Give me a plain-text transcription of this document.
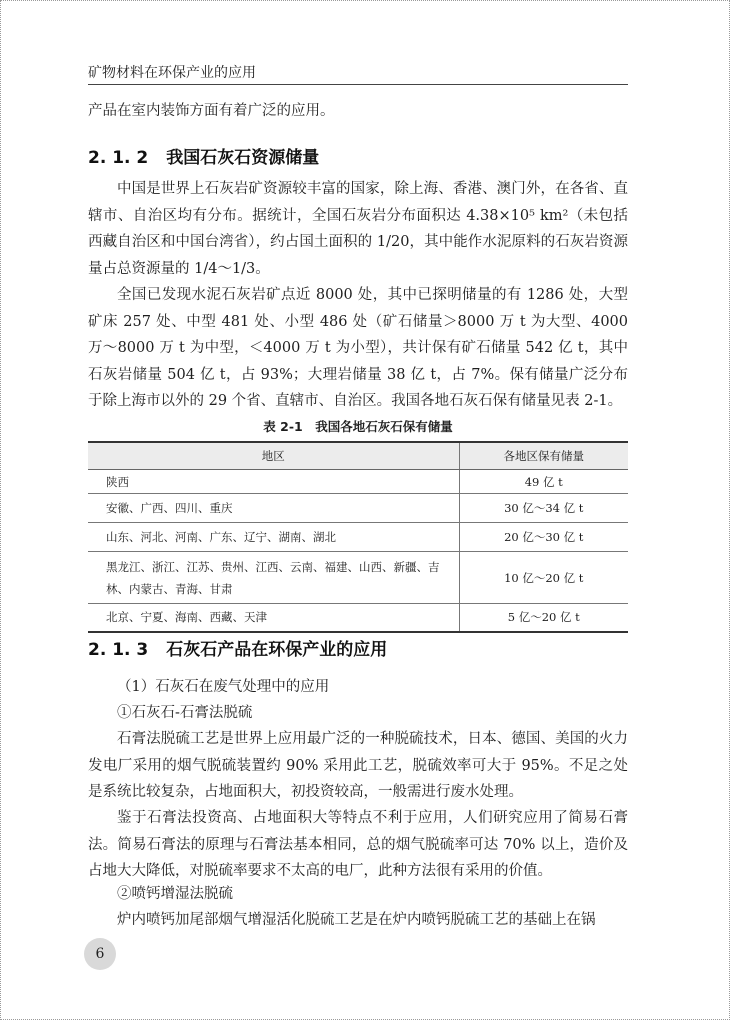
矿物材料在环保产业的应用
产品在室内装饰方面有着广泛的应用。
2. 1. 2 我国石灰石资源储量
中国是世界上石灰岩矿资源较丰富的国家，除上海、香港、澳门外，在各省、直辖市、自治区均有分布。据统计，全国石灰岩分布面积达 4.38×10⁵ km²（未包括西藏自治区和中国台湾省），约占国土面积的 1/20，其中能作水泥原料的石灰岩资源量占总资源量的 1/4～1/3。
全国已发现水泥石灰岩矿点近 8000 处，其中已探明储量的有 1286 处，大型矿床 257 处、中型 481 处、小型 486 处（矿石储量＞8000 万 t 为大型、4000 万～8000 万 t 为中型，＜4000 万 t 为小型），共计保有矿石储量 542 亿 t，其中石灰岩储量 504 亿 t，占 93%；大理岩储量 38 亿 t，占 7%。保有储量广泛分布于除上海市以外的 29 个省、直辖市、自治区。我国各地石灰石保有储量见表 2-1。
表 2-1　我国各地石灰石保有储量
地区	各地区保有储量
陕西	49 亿 t
安徽、广西、四川、重庆	30 亿～34 亿 t
山东、河北、河南、广东、辽宁、湖南、湖北	20 亿～30 亿 t
黑龙江、浙江、江苏、贵州、江西、云南、福建、山西、新疆、吉林、内蒙古、青海、甘肃	10 亿～20 亿 t
北京、宁夏、海南、西藏、天津	5 亿～20 亿 t
2. 1. 3 石灰石产品在环保产业的应用
（1）石灰石在废气处理中的应用
①石灰石-石膏法脱硫
石膏法脱硫工艺是世界上应用最广泛的一种脱硫技术，日本、德国、美国的火力发电厂采用的烟气脱硫装置约 90% 采用此工艺，脱硫效率可大于 95%。不足之处是系统比较复杂，占地面积大，初投资较高，一般需进行废水处理。
鉴于石膏法投资高、占地面积大等特点不利于应用，人们研究应用了简易石膏法。简易石膏法的原理与石膏法基本相同，总的烟气脱硫率可达 70% 以上，造价及占地大大降低，对脱硫率要求不太高的电厂，此种方法很有采用的价值。
②喷钙增湿法脱硫
炉内喷钙加尾部烟气增湿活化脱硫工艺是在炉内喷钙脱硫工艺的基础上在锅
6
